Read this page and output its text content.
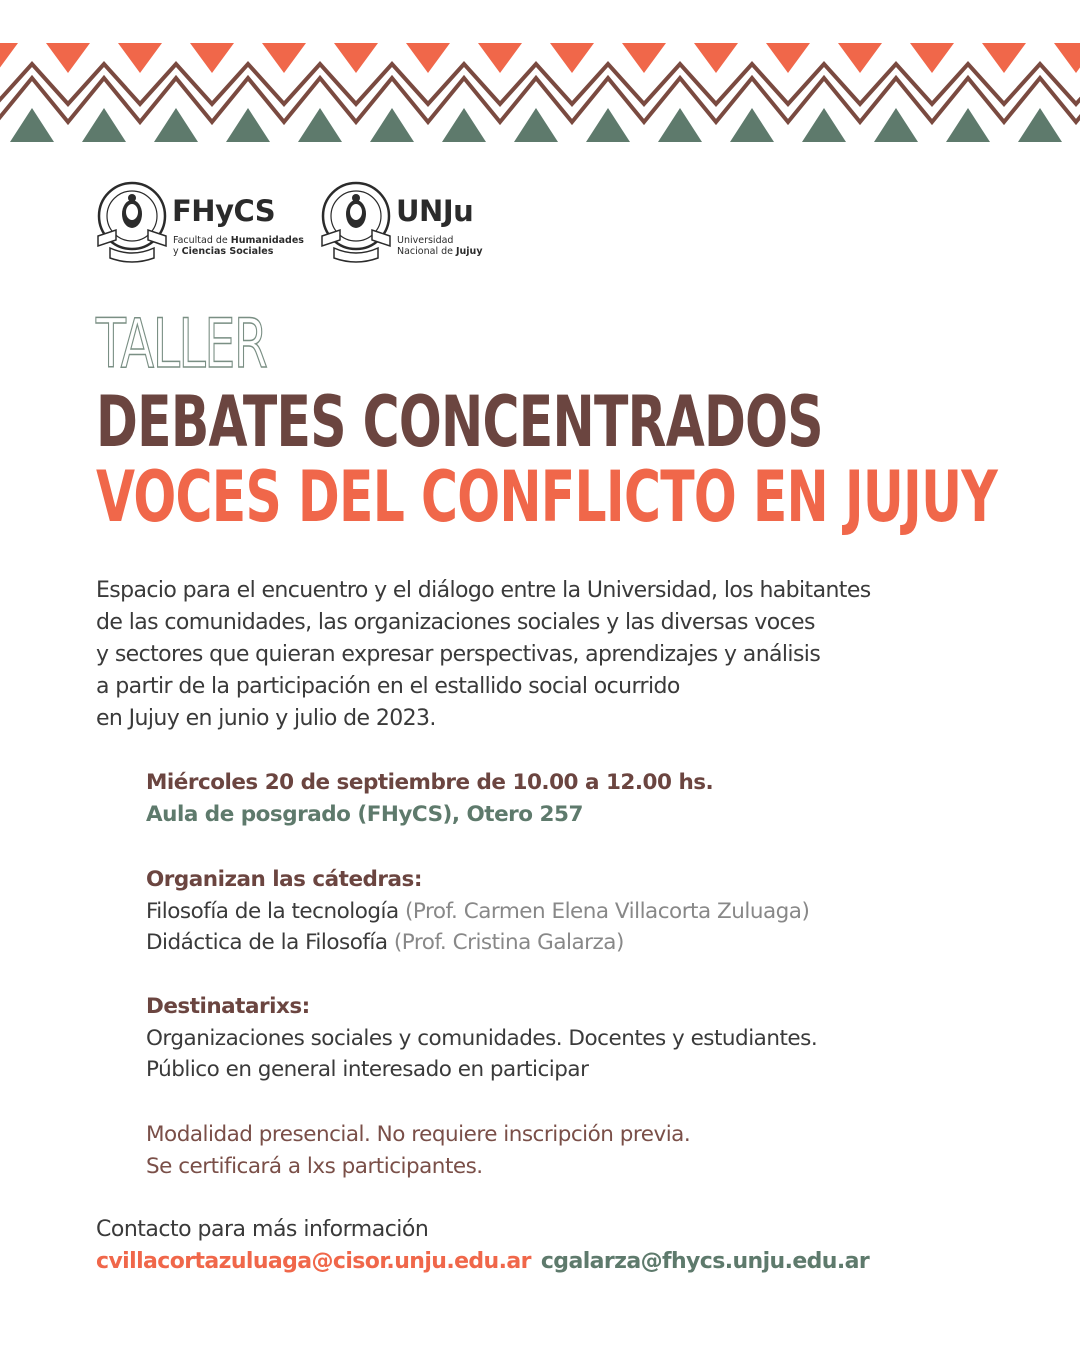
FHyCS
Facultad de Humanidades
y Ciencias Sociales
UNJu
Universidad
Nacional de Jujuy
TALLER
DEBATES CONCENTRADOS
VOCES DEL CONFLICTO EN JUJUY
Espacio para el encuentro y el diálogo entre la Universidad, los habitantes
de las comunidades, las organizaciones sociales y las diversas voces
y sectores que quieran expresar perspectivas, aprendizajes y análisis
a partir de la participación en el estallido social ocurrido
en Jujuy en junio y julio de 2023.
Miércoles 20 de septiembre de 10.00 a 12.00 hs.
Aula de posgrado (FHyCS), Otero 257
Organizan las cátedras:
Filosofía de la tecnología (Prof. Carmen Elena Villacorta Zuluaga)
Didáctica de la Filosofía (Prof. Cristina Galarza)
Destinatarixs:
Organizaciones sociales y comunidades. Docentes y estudiantes.
Público en general interesado en participar
Modalidad presencial. No requiere inscripción previa.
Se certificará a lxs participantes.
Contacto para más información
cvillacortazuluaga@cisor.unju.edu.ar cgalarza@fhycs.unju.edu.ar
